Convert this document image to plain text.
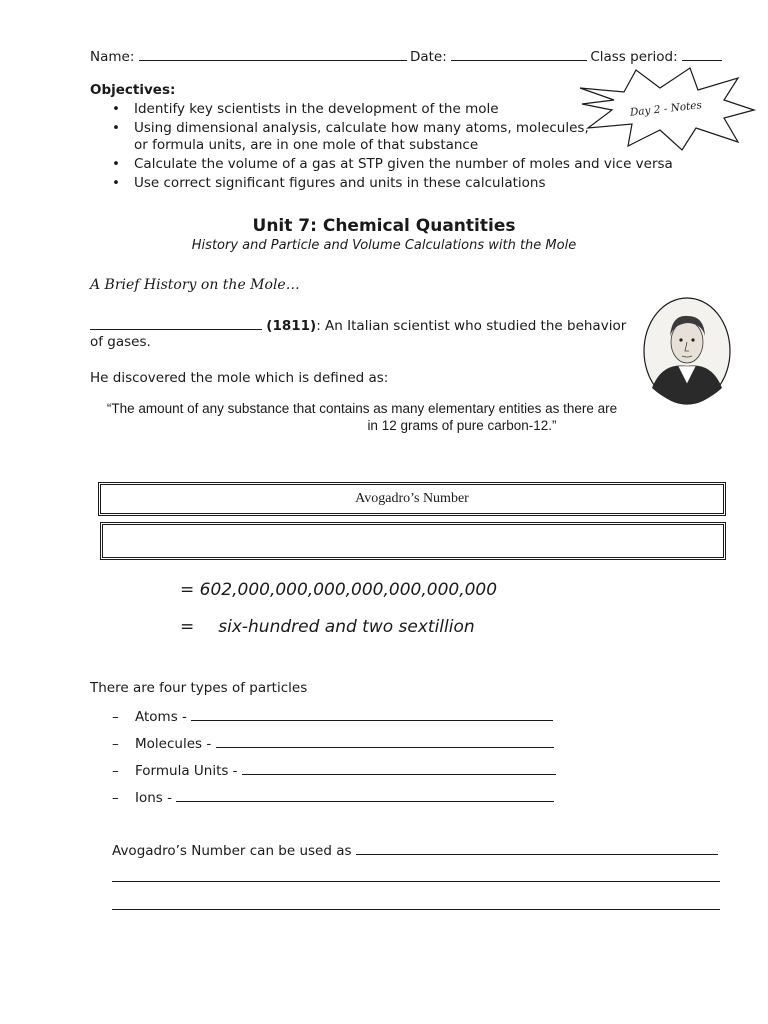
Name:	Date:	Class period:
Day 2 - Notes
Objectives:
• Identify key scientists in the development of the mole
• Using dimensional analysis, calculate how many atoms, molecules,
or formula units, are in one mole of that substance
• Calculate the volume of a gas at STP given the number of moles and vice versa
• Use correct significant figures and units in these calculations
Unit 7: Chemical Quantities
History and Particle and Volume Calculations with the Mole
A Brief History on the Mole…
(1811): An Italian scientist who studied the behavior
of gases.
He discovered the mole which is defined as:
“The amount of any substance that contains as many elementary entities as there are
in 12 grams of pure carbon-12.”
Avogadro’s Number
= 602,000,000,000,000,000,000,000
= six-hundred and two sextillion
There are four types of particles
– Atoms -
– Molecules -
– Formula Units -
– Ions -
Avogadro’s Number can be used as
